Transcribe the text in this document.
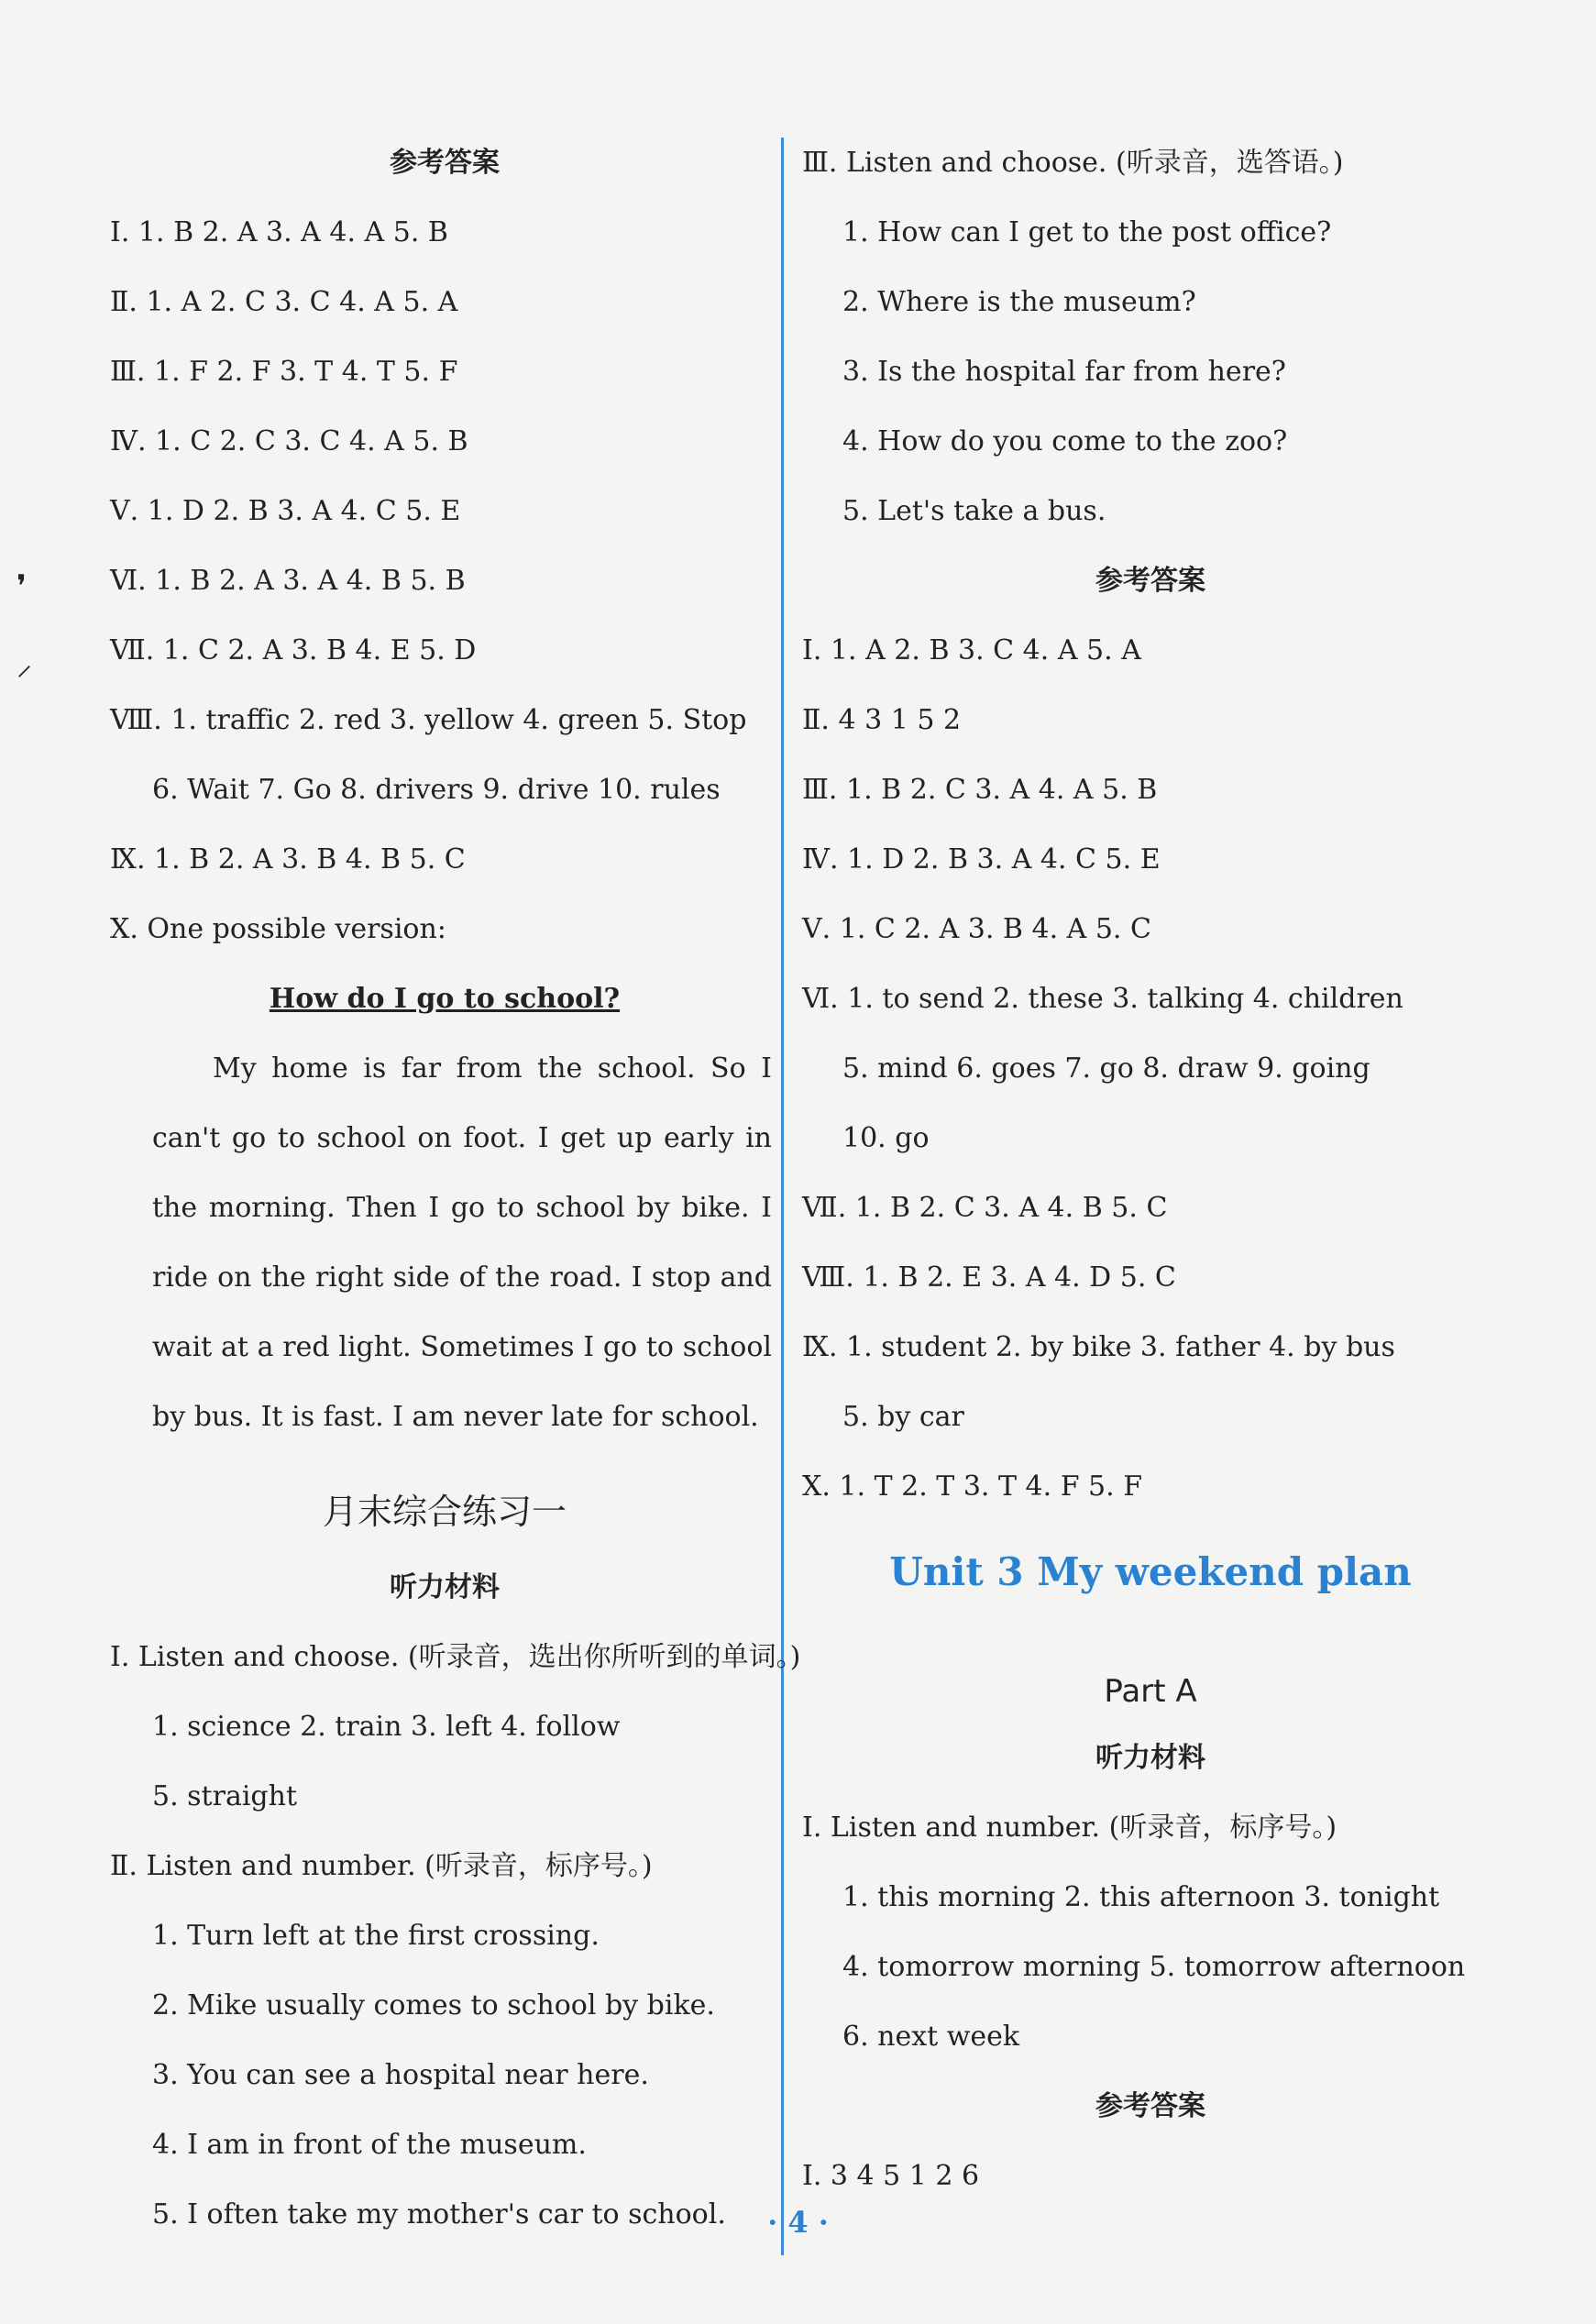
❜
⸝
参考答案
Ⅰ. 1. B 2. A 3. A 4. A 5. B
Ⅱ. 1. A 2. C 3. C 4. A 5. A
Ⅲ. 1. F 2. F 3. T 4. T 5. F
Ⅳ. 1. C 2. C 3. C 4. A 5. B
Ⅴ. 1. D 2. B 3. A 4. C 5. E
Ⅵ. 1. B 2. A 3. A 4. B 5. B
Ⅶ. 1. C 2. A 3. B 4. E 5. D
Ⅷ. 1. traffic 2. red 3. yellow 4. green 5. Stop
6. Wait 7. Go 8. drivers 9. drive 10. rules
Ⅸ. 1. B 2. A 3. B 4. B 5. C
Ⅹ. One possible version:
How do I go to school?
My home is far from the school. So I can't go to school on foot. I get up early in the morning. Then I go to school by bike. I ride on the right side of the road. I stop and wait at a red light. Sometimes I go to school by bus. It is fast. I am never late for school.
月末综合练习一
听力材料
Ⅰ. Listen and choose. (听录音，选出你所听到的单词。)
1. science 2. train 3. left 4. follow
5. straight
Ⅱ. Listen and number. (听录音，标序号。)
1. Turn left at the first crossing.
2. Mike usually comes to school by bike.
3. You can see a hospital near here.
4. I am in front of the museum.
5. I often take my mother's car to school.
Ⅲ. Listen and choose. (听录音，选答语。)
1. How can I get to the post office?
2. Where is the museum?
3. Is the hospital far from here?
4. How do you come to the zoo?
5. Let's take a bus.
参考答案
Ⅰ. 1. A 2. B 3. C 4. A 5. A
Ⅱ. 4 3 1 5 2
Ⅲ. 1. B 2. C 3. A 4. A 5. B
Ⅳ. 1. D 2. B 3. A 4. C 5. E
Ⅴ. 1. C 2. A 3. B 4. A 5. C
Ⅵ. 1. to send 2. these 3. talking 4. children
5. mind 6. goes 7. go 8. draw 9. going
10. go
Ⅶ. 1. B 2. C 3. A 4. B 5. C
Ⅷ. 1. B 2. E 3. A 4. D 5. C
Ⅸ. 1. student 2. by bike 3. father 4. by bus
5. by car
Ⅹ. 1. T 2. T 3. T 4. F 5. F
Unit 3 My weekend plan
Part A
听力材料
Ⅰ. Listen and number. (听录音，标序号。)
1. this morning 2. this afternoon 3. tonight
4. tomorrow morning 5. tomorrow afternoon
6. next week
参考答案
Ⅰ. 3 4 5 1 2 6
· 4 ·
